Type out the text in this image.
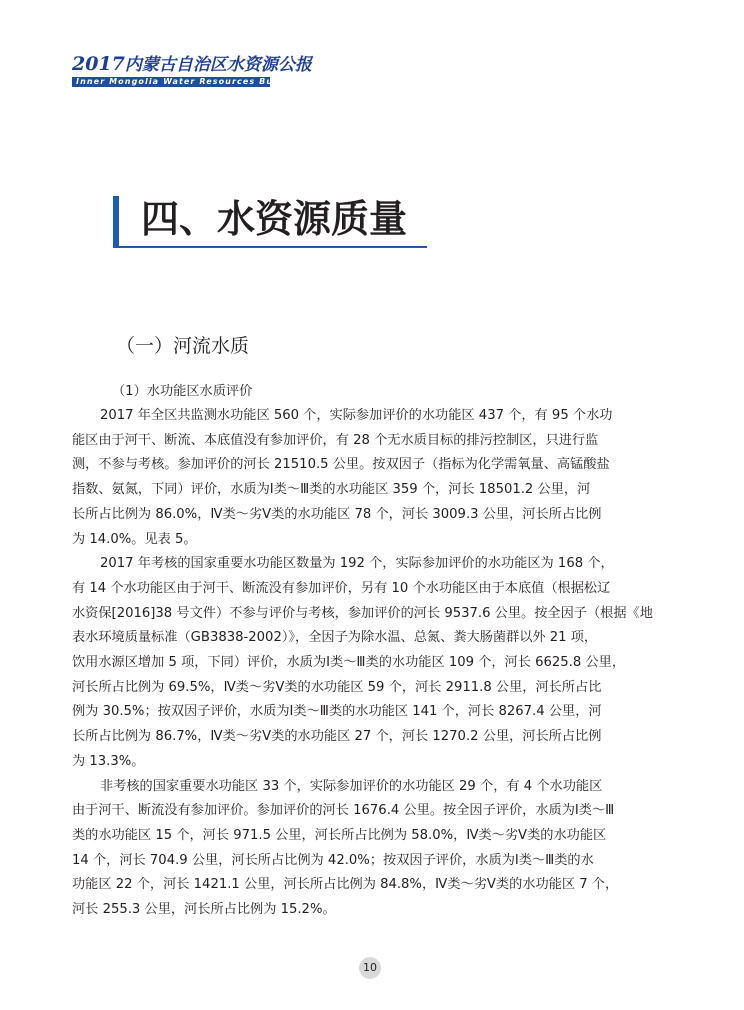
2017内蒙古自治区水资源公报
Inner Mongolia Water Resources Bulletin
四、水资源质量
（一）河流水质
（1）水功能区水质评价

2017 年全区共监测水功能区 560 个，实际参加评价的水功能区 437 个，有 95 个水功
能区由于河干、断流、本底值没有参加评价，有 28 个无水质目标的排污控制区，只进行监
测，不参与考核。参加评价的河长 21510.5 公里。按双因子（指标为化学需氧量、高锰酸盐
指数、氨氮，下同）评价，水质为Ⅰ类～Ⅲ类的水功能区 359 个，河长 18501.2 公里，河
长所占比例为 86.0%，Ⅳ类～劣Ⅴ类的水功能区 78 个，河长 3009.3 公里，河长所占比例
为 14.0%。见表 5。

2017 年考核的国家重要水功能区数量为 192 个，实际参加评价的水功能区为 168 个，
有 14 个水功能区由于河干、断流没有参加评价，另有 10 个水功能区由于本底值（根据松辽
水资保[2016]38 号文件）不参与评价与考核，参加评价的河长 9537.6 公里。按全因子（根据《地
表水环境质量标准（GB3838-2002）》，全因子为除水温、总氮、粪大肠菌群以外 21 项，
饮用水源区增加 5 项，下同）评价，水质为Ⅰ类～Ⅲ类的水功能区 109 个，河长 6625.8 公里，
河长所占比例为 69.5%，Ⅳ类～劣Ⅴ类的水功能区 59 个，河长 2911.8 公里，河长所占比
例为 30.5%；按双因子评价，水质为Ⅰ类～Ⅲ类的水功能区 141 个，河长 8267.4 公里，河
长所占比例为 86.7%，Ⅳ类～劣Ⅴ类的水功能区 27 个，河长 1270.2 公里，河长所占比例
为 13.3%。

非考核的国家重要水功能区 33 个，实际参加评价的水功能区 29 个，有 4 个水功能区
由于河干、断流没有参加评价。参加评价的河长 1676.4 公里。按全因子评价，水质为Ⅰ类～Ⅲ
类的水功能区 15 个，河长 971.5 公里，河长所占比例为 58.0%，Ⅳ类～劣Ⅴ类的水功能区
14 个，河长 704.9 公里，河长所占比例为 42.0%；按双因子评价，水质为Ⅰ类～Ⅲ类的水
功能区 22 个，河长 1421.1 公里，河长所占比例为 84.8%，Ⅳ类～劣Ⅴ类的水功能区 7 个，
河长 255.3 公里，河长所占比例为 15.2%。

10
